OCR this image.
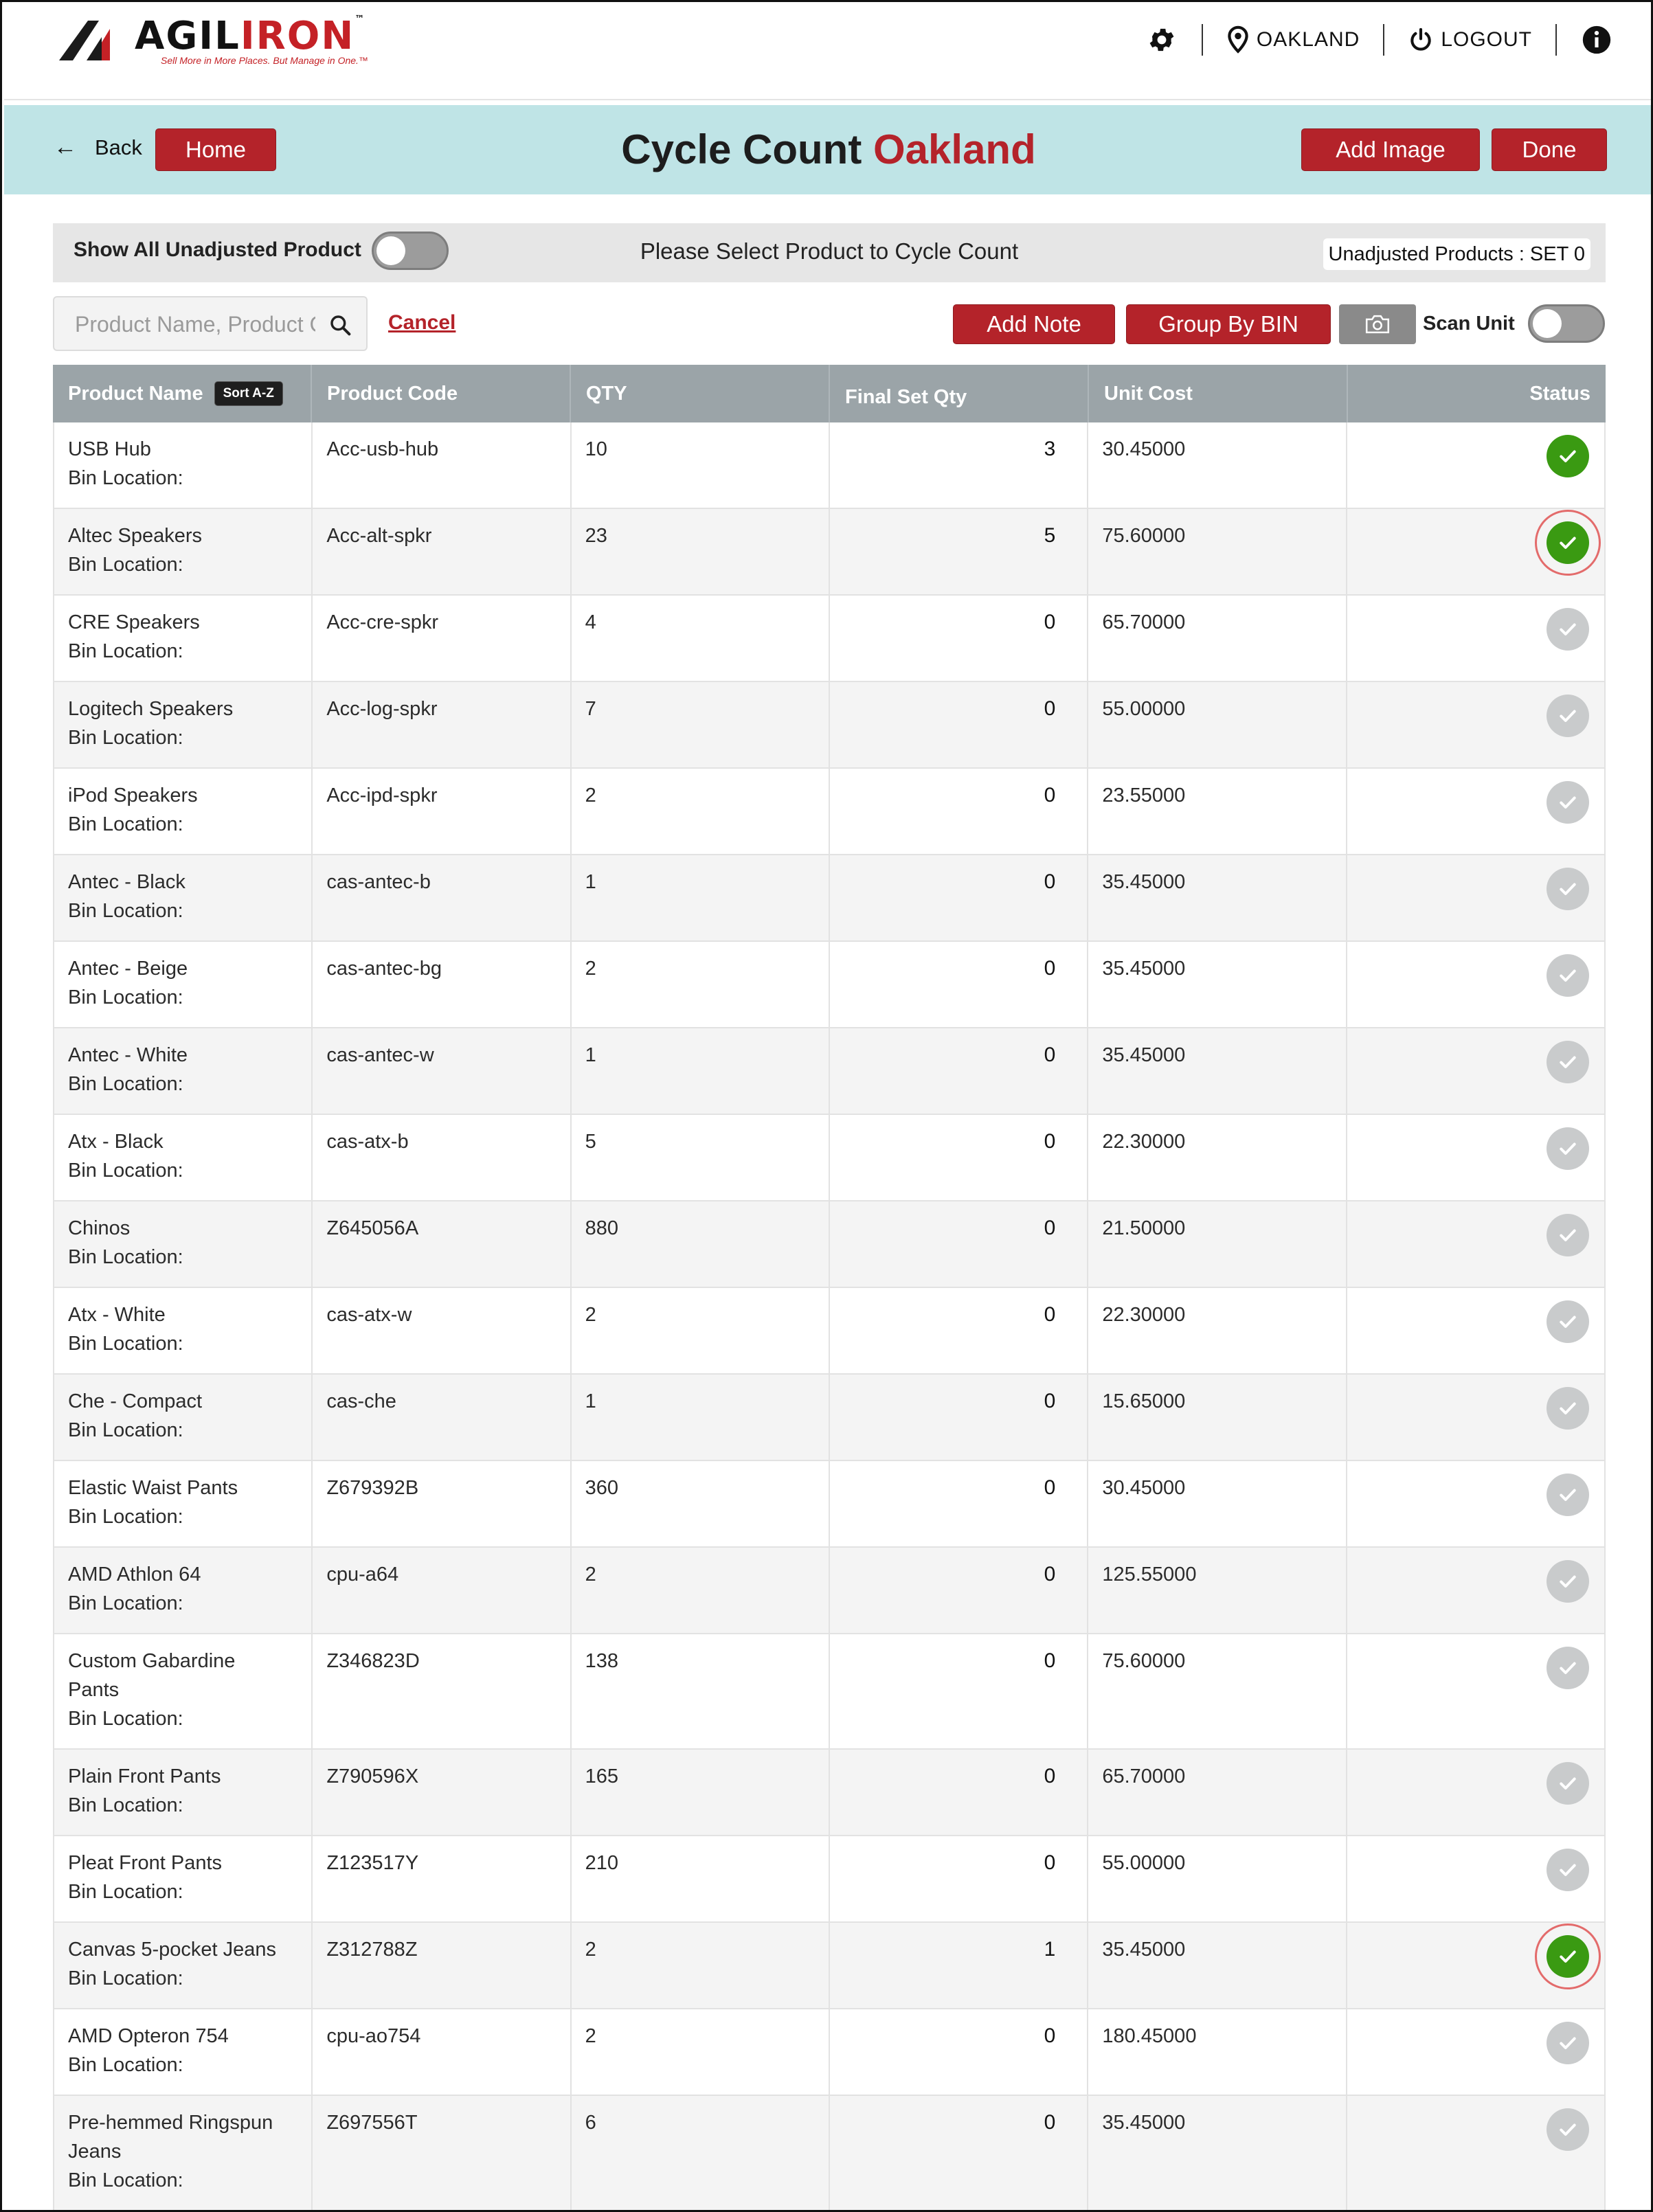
AGILIRON™
Sell More in More Places. But Manage in One.™
OAKLAND	LOGOUT
← Back	Home	Cycle Count Oakland	Add Image	Done
Show All Unadjusted Product	Please Select Product to Cycle Count	Unadjusted Products : SET 0
Product Name, Product Code
Cancel	Add Note	Group By BIN	Scan Unit
Product Name	Sort A-Z	Product Code	QTY	Final Set Qty	Unit Cost	Status
USB Hub
Bin Location:
Acc-usb-hub	10	3	30.45000
Altec Speakers
Bin Location:
Acc-alt-spkr	23	5	75.60000
CRE Speakers
Bin Location:
Acc-cre-spkr	4	0	65.70000
Logitech Speakers
Bin Location:
Acc-log-spkr	7	0	55.00000
iPod Speakers
Bin Location:
Acc-ipd-spkr	2	0	23.55000
Antec - Black
Bin Location:
cas-antec-b	1	0	35.45000
Antec - Beige
Bin Location:
cas-antec-bg	2	0	35.45000
Antec - White
Bin Location:
cas-antec-w	1	0	35.45000
Atx - Black
Bin Location:
cas-atx-b	5	0	22.30000
Chinos
Bin Location:
Z645056A	880	0	21.50000
Atx - White
Bin Location:
cas-atx-w	2	0	22.30000
Che - Compact
Bin Location:
cas-che	1	0	15.65000
Elastic Waist Pants
Bin Location:
Z679392B	360	0	30.45000
AMD Athlon 64
Bin Location:
cpu-a64	2	0	125.55000
Custom Gabardine Pants
Bin Location:
Z346823D	138	0	75.60000
Plain Front Pants
Bin Location:
Z790596X	165	0	65.70000
Pleat Front Pants
Bin Location:
Z123517Y	210	0	55.00000
Canvas 5-pocket Jeans
Bin Location:
Z312788Z	2	1	35.45000
AMD Opteron 754
Bin Location:
cpu-ao754	2	0	180.45000
Pre-hemmed Ringspun Jeans
Bin Location:
Z697556T	6	0	35.45000
